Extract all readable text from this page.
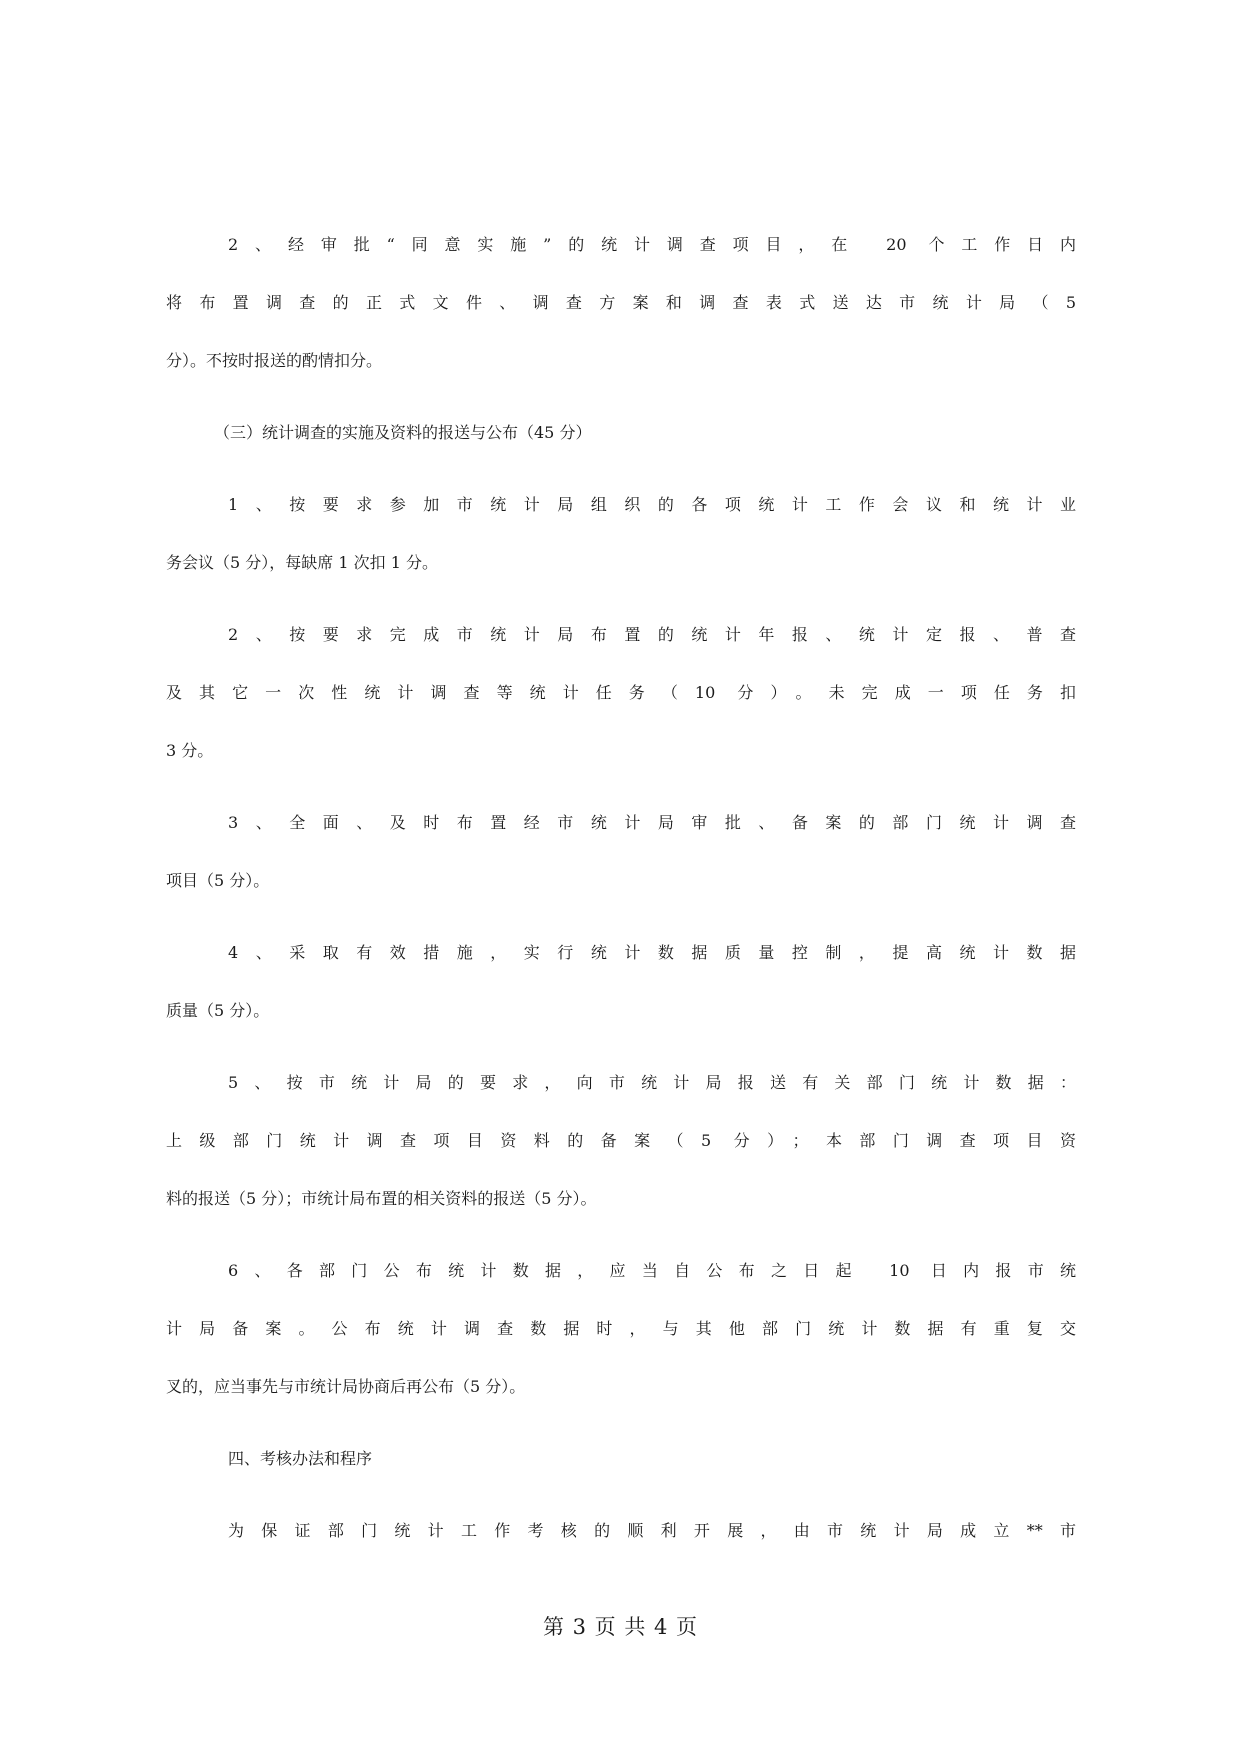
2、经审批“同意实施”的统计调查项目，在 20 个工作日内
将布置调查的正式文件、调查方案和调查表式送达市统计局（5
分）。不按时报送的酌情扣分。
（三）统计调查的实施及资料的报送与公布（45 分）
1、按要求参加市统计局组织的各项统计工作会议和统计业
务会议（5 分），每缺席 1 次扣 1 分。
2、按要求完成市统计局布置的统计年报、统计定报、普查
及其它一次性统计调查等统计任务（10 分）。未完成一项任务扣
3 分。
3、全面、及时布置经市统计局审批、备案的部门统计调查
项目（5 分）。
4、采取有效措施，实行统计数据质量控制，提高统计数据
质量（5 分）。
5、按市统计局的要求，向市统计局报送有关部门统计数据：
上级部门统计调查项目资料的备案（5 分）；本部门调查项目资
料的报送（5 分）；市统计局布置的相关资料的报送（5 分）。
6、各部门公布统计数据，应当自公布之日起 10 日内报市统
计局备案。公布统计调查数据时，与其他部门统计数据有重复交
叉的，应当事先与市统计局协商后再公布（5 分）。
四、考核办法和程序
为保证部门统计工作考核的顺利开展，由市统计局成立**市
第 3 页 共 4 页
